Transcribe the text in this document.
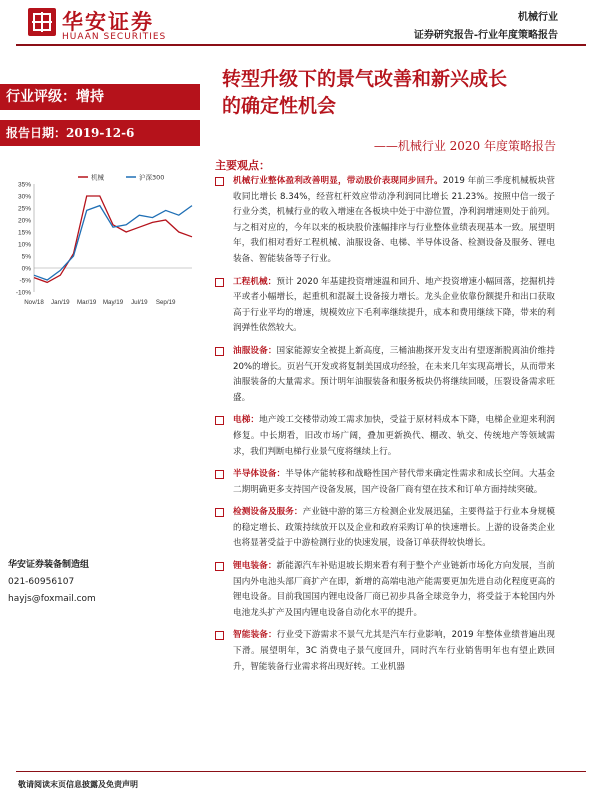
华安证券
HUAAN SECURITIES
机械行业
证券研究报告-行业年度策略报告
行业评级：增持
报告日期：2019-12-6
-10%
-5%
0%
5%
10%
15%
20%
25%
30%
35%
Nov/18 Jan/19 Mar/19 May/19 Jul/19 Sep/19
机械	沪深300
华安证券装备制造组
021-60956107
hayjs@foxmail.com
转型升级下的景气改善和新兴成长
的确定性机会
——机械行业 2020 年度策略报告
主要观点：
机械行业整体盈利改善明显，带动股价表现同步回升。2019 年前三季度机械板块营收同比增长 8.34%，经营杠杆效应带动净利润同比增长 21.23%。按照中信一级子行业分类，机械行业的收入增速在各板块中处于中游位置，净利润增速则处于前列。与之相对应的，今年以来的板块股价涨幅排序与行业整体业绩表现基本一致。展望明年，我们相对看好工程机械、油服设备、电梯、半导体设备、检测设备及服务、锂电装备、智能装备等子行业。
工程机械：预计 2020 年基建投资增速温和回升、地产投资增速小幅回落，挖掘机持平或者小幅增长，起重机和混凝土设备接力增长。龙头企业依靠份额提升和出口获取高于行业平均的增速，规模效应下毛利率继续提升，成本和费用继续下降，带来的利润弹性依然较大。
油服设备：国家能源安全被提上新高度，三桶油勘探开发支出有望逐渐脱离油价维持 20%的增长。页岩气开发或将复制美国成功经验，在未来几年实现高增长，从而带来油服装备的大量需求。预计明年油服装备和服务板块仍将继续回暖，压裂设备需求旺盛。
电梯：地产竣工交楼带动竣工需求加快，受益于原材料成本下降，电梯企业迎来利润修复。中长期看，旧改市场广阔，叠加更新换代、棚改、轨交、传统地产等领域需求，我们判断电梯行业景气度将继续上行。
半导体设备：半导体产能转移和战略性国产替代带来确定性需求和成长空间。大基金二期明确更多支持国产设备发展，国产设备厂商有望在技术和订单方面持续突破。
检测设备及服务：产业链中游的第三方检测企业发展迅猛，主要得益于行业本身规模的稳定增长、政策持续放开以及企业和政府采购订单的快速增长。上游的设备类企业也将显著受益于中游检测行业的快速发展，设备订单获得较快增长。
锂电装备：新能源汽车补贴退坡长期来看有利于整个产业链新市场化方向发展，当前国内外电池头部厂商扩产在即，新增的高端电池产能需要更加先进自动化程度更高的锂电设备。目前我国国内锂电设备厂商已初步具备全球竞争力，将受益于本轮国内外电池龙头扩产及国内锂电设备自动化水平的提升。
智能装备：行业受下游需求不景气尤其是汽车行业影响，2019 年整体业绩普遍出现下滑。展望明年，3C 消费电子景气度回升，同时汽车行业销售明年也有望止跌回升，智能装备行业需求将出现好转。工业机器
敬请阅读末页信息披露及免责声明
